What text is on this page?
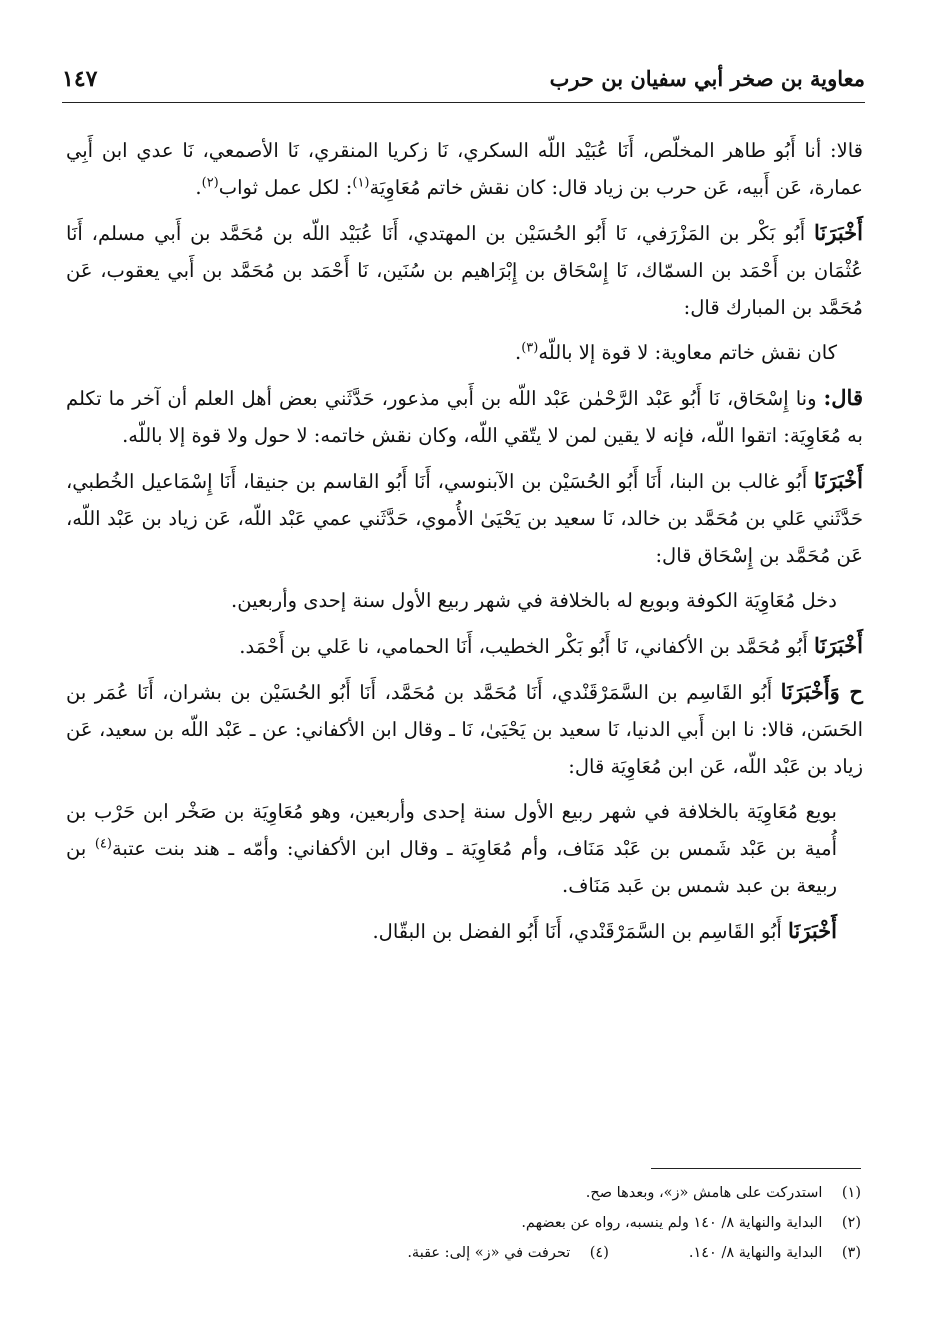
معاوية بن صخر أبي سفيان بن حرب
١٤٧

قالا: أنا أَبُو طاهر المخلّص، أَنَا عُبَيْد اللّه السكري، نَا زكريا المنقري، نَا الأصمعي، نَا عدي ابن أَبِي عمارة، عَن أَبيه، عَن حرب بن زياد قال: كان نقش خاتم مُعَاوِيَة$^{(١)}$: لكل عمل ثواب$^{(٢)}$.

أَخْبَرَنَا أَبُو بَكْر بن المَزْرَفي، نَا أَبُو الحُسَيْن بن المهتدي، أَنَا عُبَيْد اللّه بن مُحَمَّد بن أَبي مسلم، أَنَا عُثْمَان بن أَحْمَد بن السمّاك، نَا إِسْحَاق بن إِبْرَاهيم بن سُنَين، نَا أَحْمَد بن مُحَمَّد بن أَبي يعقوب، عَن مُحَمَّد بن المبارك قال:

كان نقش خاتم معاوية: لا قوة إلا باللّه$^{(٣)}$.

قال: ونا إِسْحَاق، نَا أَبُو عَبْد الرَّحْمٰن عَبْد اللّه بن أَبي مذعور، حَدَّثَني بعض أهل العلم أن آخر ما تكلم به مُعَاوِيَة: اتقوا اللّه، فإنه لا يقين لمن لا يتّقي اللّه، وكان نقش خاتمه: لا حول ولا قوة إلا باللّه.

أَخْبَرَنَا أَبُو غالب بن البنا، أَنَا أَبُو الحُسَيْن بن الآبنوسي، أَنَا أَبُو القاسم بن جنيقا، أَنَا إِسْمَاعيل الخُطبي، حَدَّثَني عَلي بن مُحَمَّد بن خالد، نَا سعيد بن يَحْيَىٰ الأُموي، حَدَّثَني عمي عَبْد اللّه، عَن زياد بن عَبْد اللّه، عَن مُحَمَّد بن إِسْحَاق قال:

دخل مُعَاوِيَة الكوفة وبويع له بالخلافة في شهر ربيع الأول سنة إحدى وأربعين.

أَخْبَرَنَا أَبُو مُحَمَّد بن الأكفاني، نَا أَبُو بَكْر الخطيب، أَنَا الحمامي، نا عَلي بن أَحْمَد.

ح وَأَخْبَرَنَا أَبُو القَاسِم بن السَّمَرْقَنْدي، أَنَا مُحَمَّد بن مُحَمَّد، أَنَا أَبُو الحُسَيْن بن بشران، أَنَا عُمَر بن الحَسَن، قالا: نا ابن أَبي الدنيا، نَا سعيد بن يَحْيَىٰ، نَا ـ وقال ابن الأكفاني: عن ـ عَبْد اللّه بن سعيد، عَن زياد بن عَبْد اللّه، عَن ابن مُعَاوِيَة قال:

بويع مُعَاوِيَة بالخلافة في شهر ربيع الأول سنة إحدى وأربعين، وهو مُعَاوِيَة بن صَخْر ابن حَرْب بن أُمية بن عَبْد شَمس بن عَبْد مَنَاف، وأم مُعَاوِيَة ـ وقال ابن الأكفاني: وأمّه ـ هند بنت عتبة$^{(٤)}$ بن ربيعة بن عبد شمس بن عَبد مَنَاف.

أَخْبَرَنَا أَبُو القَاسِم بن السَّمَرْقَنْدي، أَنَا أَبُو الفضل بن البقّال.

(١) استدركت على هامش «ز»، وبعدها صح.
(٢) البداية والنهاية ٨/ ١٤٠ ولم ينسبه، رواه عن بعضهم.
(٣) البداية والنهاية ٨/ ١٤٠.
(٤) تحرفت في «ز» إلى: عقبة.
